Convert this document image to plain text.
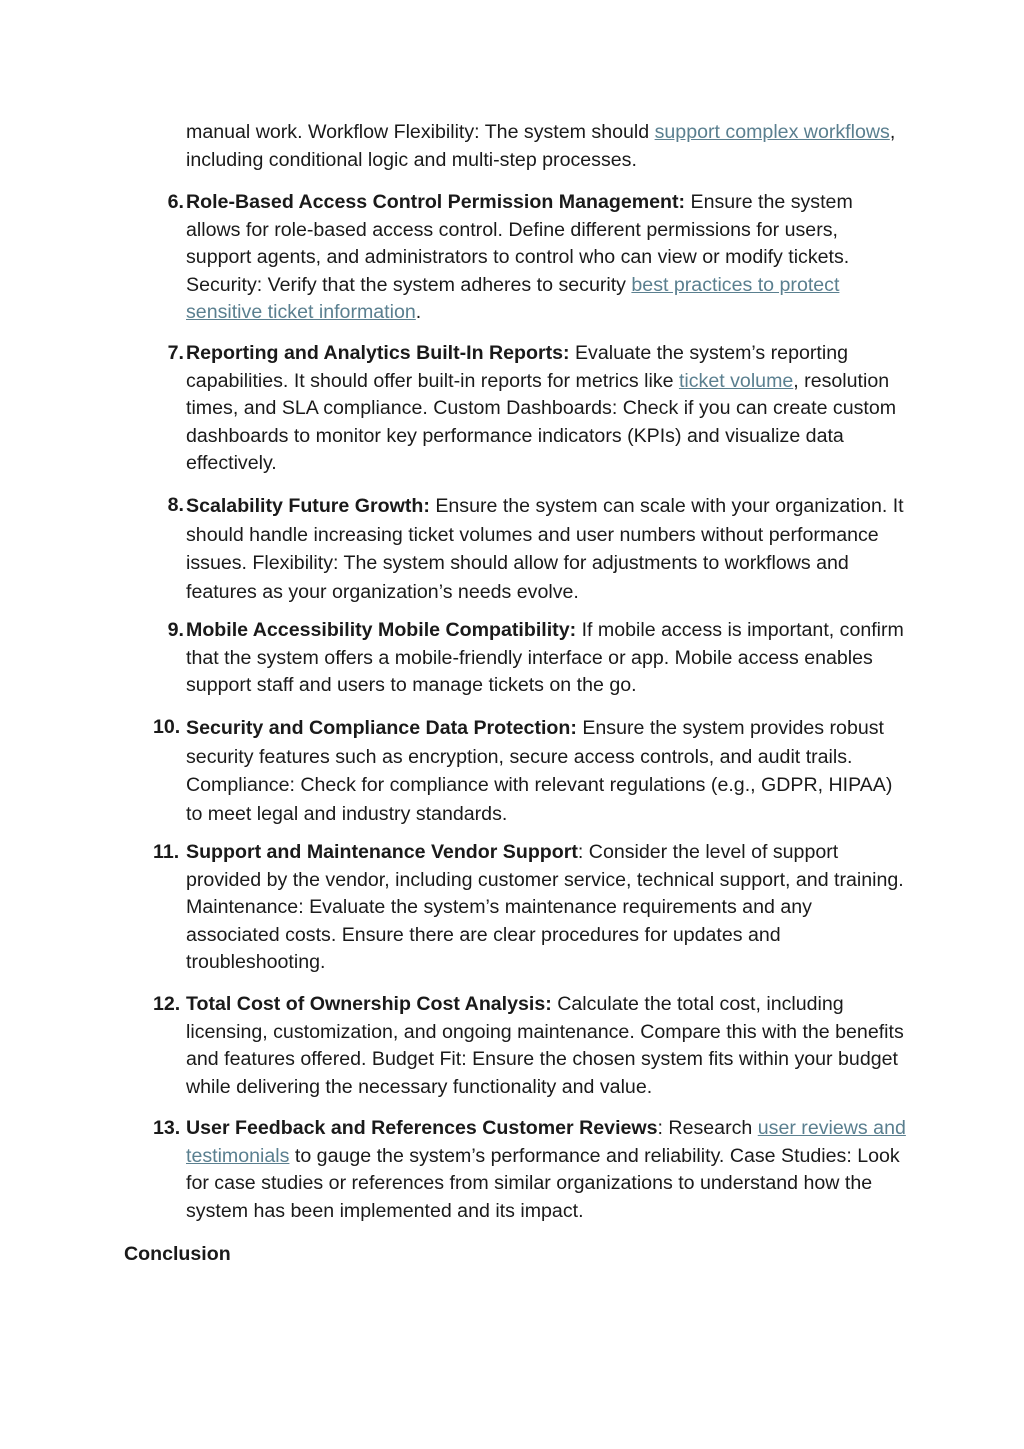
manual work. Workflow Flexibility: The system should support complex workflows, including conditional logic and multi-step processes.
6. Role-Based Access Control Permission Management: Ensure the system allows for role-based access control. Define different permissions for users, support agents, and administrators to control who can view or modify tickets. Security: Verify that the system adheres to security best practices to protect sensitive ticket information.
7. Reporting and Analytics Built-In Reports: Evaluate the system’s reporting capabilities. It should offer built-in reports for metrics like ticket volume, resolution times, and SLA compliance. Custom Dashboards: Check if you can create custom dashboards to monitor key performance indicators (KPIs) and visualize data effectively.
8. Scalability Future Growth: Ensure the system can scale with your organization. It should handle increasing ticket volumes and user numbers without performance issues. Flexibility: The system should allow for adjustments to workflows and features as your organization’s needs evolve.
9. Mobile Accessibility Mobile Compatibility: If mobile access is important, confirm that the system offers a mobile-friendly interface or app. Mobile access enables support staff and users to manage tickets on the go.
10. Security and Compliance Data Protection: Ensure the system provides robust security features such as encryption, secure access controls, and audit trails. Compliance: Check for compliance with relevant regulations (e.g., GDPR, HIPAA) to meet legal and industry standards.
11. Support and Maintenance Vendor Support: Consider the level of support provided by the vendor, including customer service, technical support, and training. Maintenance: Evaluate the system’s maintenance requirements and any associated costs. Ensure there are clear procedures for updates and troubleshooting.
12. Total Cost of Ownership Cost Analysis: Calculate the total cost, including licensing, customization, and ongoing maintenance. Compare this with the benefits and features offered. Budget Fit: Ensure the chosen system fits within your budget while delivering the necessary functionality and value.
13. User Feedback and References Customer Reviews: Research user reviews and testimonials to gauge the system’s performance and reliability. Case Studies: Look for case studies or references from similar organizations to understand how the system has been implemented and its impact.
Conclusion
